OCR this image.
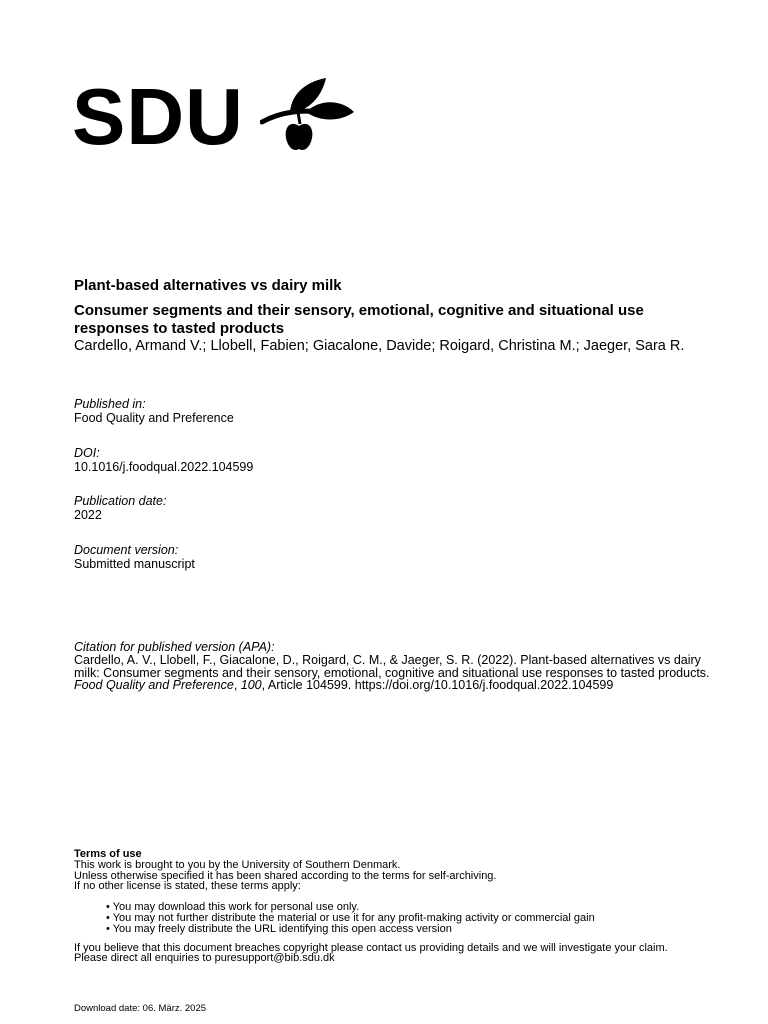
SDU
Plant-based alternatives vs dairy milk
Consumer segments and their sensory, emotional, cognitive and situational use responses to tasted products
Cardello, Armand V.; Llobell, Fabien; Giacalone, Davide; Roigard, Christina M.; Jaeger, Sara R.
Published in:
Food Quality and Preference
DOI:
10.1016/j.foodqual.2022.104599
Publication date:
2022
Document version:
Submitted manuscript
Citation for published version (APA):
Cardello, A. V., Llobell, F., Giacalone, D., Roigard, C. M., & Jaeger, S. R. (2022). Plant-based alternatives vs dairy milk: Consumer segments and their sensory, emotional, cognitive and situational use responses to tasted products. Food Quality and Preference, 100, Article 104599. https://doi.org/10.1016/j.foodqual.2022.104599
Terms of use
This work is brought to you by the University of Southern Denmark.
Unless otherwise specified it has been shared according to the terms for self-archiving.
If no other license is stated, these terms apply:
• You may download this work for personal use only.
• You may not further distribute the material or use it for any profit-making activity or commercial gain
• You may freely distribute the URL identifying this open access version
If you believe that this document breaches copyright please contact us providing details and we will investigate your claim.
Please direct all enquiries to puresupport@bib.sdu.dk
Download date: 06. März. 2025
